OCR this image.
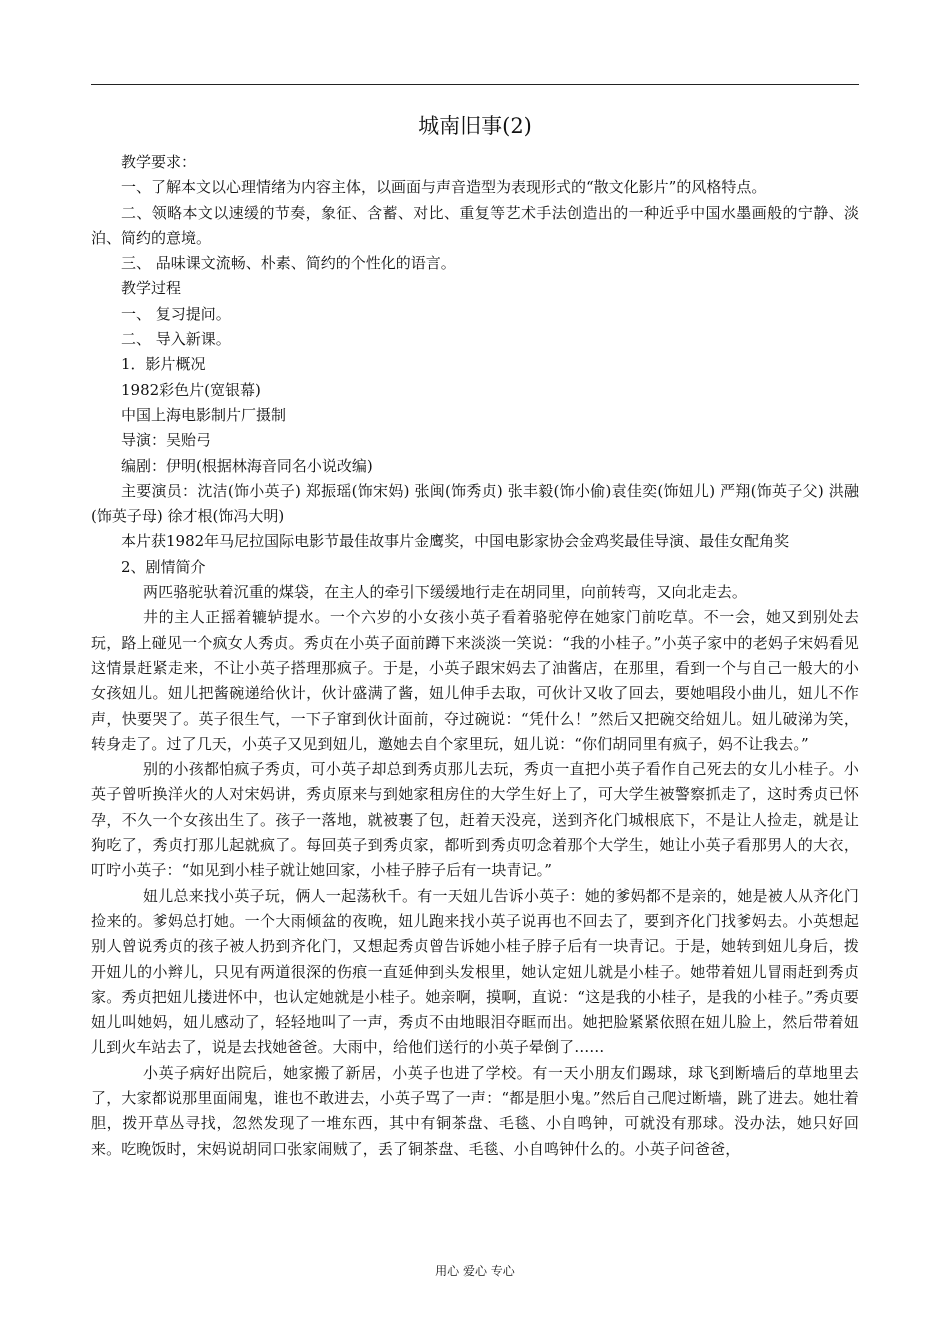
城南旧事(2)

教学要求：

一、了解本文以心理情绪为内容主体，以画面与声音造型为表现形式的“散文化影片”的风格特点。

二、领略本文以速缓的节奏，象征、含蓄、对比、重复等艺术手法创造出的一种近乎中国水墨画般的宁静、淡泊、简约的意境。

三、 品味课文流畅、朴素、简约的个性化的语言。

教学过程

一、 复习提问。

二、 导入新课。

1．影片概况

1982彩色片(宽银幕)

中国上海电影制片厂摄制

导演：吴贻弓

编剧：伊明(根据林海音同名小说改编)

主要演员：沈洁(饰小英子) 郑振瑶(饰宋妈) 张闽(饰秀贞) 张丰毅(饰小偷)袁佳奕(饰妞儿) 严翔(饰英子父) 洪融(饰英子母) 徐才根(饰冯大明)

本片获1982年马尼拉国际电影节最佳故事片金鹰奖，中国电影家协会金鸡奖最佳导演、最佳女配角奖

2、剧情简介

两匹骆驼驮着沉重的煤袋，在主人的牵引下缓缓地行走在胡同里，向前转弯，又向北走去。

井的主人正摇着辘轳提水。一个六岁的小女孩小英子看着骆驼停在她家门前吃草。不一会，她又到别处去玩，路上碰见一个疯女人秀贞。秀贞在小英子面前蹲下来淡淡一笑说：“我的小桂子。”小英子家中的老妈子宋妈看见这情景赶紧走来，不让小英子搭理那疯子。于是，小英子跟宋妈去了油酱店，在那里，看到一个与自己一般大的小女孩妞儿。妞儿把酱碗递给伙计，伙计盛满了酱，妞儿伸手去取，可伙计又收了回去，要她唱段小曲儿，妞儿不作声，快要哭了。英子很生气，一下子窜到伙计面前，夺过碗说：“凭什么！”然后又把碗交给妞儿。妞儿破涕为笑，转身走了。过了几天，小英子又见到妞儿，邀她去自个家里玩，妞儿说：“你们胡同里有疯子，妈不让我去。”

别的小孩都怕疯子秀贞，可小英子却总到秀贞那儿去玩，秀贞一直把小英子看作自己死去的女儿小桂子。小英子曾听换洋火的人对宋妈讲，秀贞原来与到她家租房住的大学生好上了，可大学生被警察抓走了，这时秀贞已怀孕，不久一个女孩出生了。孩子一落地，就被裹了包，赶着天没亮，送到齐化门城根底下，不是让人捡走，就是让狗吃了，秀贞打那儿起就疯了。每回英子到秀贞家，都听到秀贞叨念着那个大学生，她让小英子看那男人的大衣，叮咛小英子：“如见到小桂子就让她回家，小桂子脖子后有一块青记。”

妞儿总来找小英子玩，俩人一起荡秋千。有一天妞儿告诉小英子：她的爹妈都不是亲的，她是被人从齐化门捡来的。爹妈总打她。一个大雨倾盆的夜晚，妞儿跑来找小英子说再也不回去了，要到齐化门找爹妈去。小英想起别人曾说秀贞的孩子被人扔到齐化门，又想起秀贞曾告诉她小桂子脖子后有一块青记。于是，她转到妞儿身后，拨开妞儿的小辫儿，只见有两道很深的伤痕一直延伸到头发根里，她认定妞儿就是小桂子。她带着妞儿冒雨赶到秀贞家。秀贞把妞儿搂进怀中，也认定她就是小桂子。她亲啊，摸啊，直说：“这是我的小桂子，是我的小桂子。”秀贞要妞儿叫她妈，妞儿感动了，轻轻地叫了一声，秀贞不由地眼泪夺眶而出。她把脸紧紧依照在妞儿脸上，然后带着妞儿到火车站去了，说是去找她爸爸。大雨中，给他们送行的小英子晕倒了……

小英子病好出院后，她家搬了新居，小英子也进了学校。有一天小朋友们踢球，球飞到断墙后的草地里去了，大家都说那里面闹鬼，谁也不敢进去，小英子骂了一声：“都是胆小鬼。”然后自己爬过断墙，跳了进去。她壮着胆，拨开草丛寻找，忽然发现了一堆东西，其中有铜茶盘、毛毯、小自鸣钟，可就没有那球。没办法，她只好回来。吃晚饭时，宋妈说胡同口张家闹贼了，丢了铜茶盘、毛毯、小自鸣钟什么的。小英子问爸爸，

用心 爱心 专心
